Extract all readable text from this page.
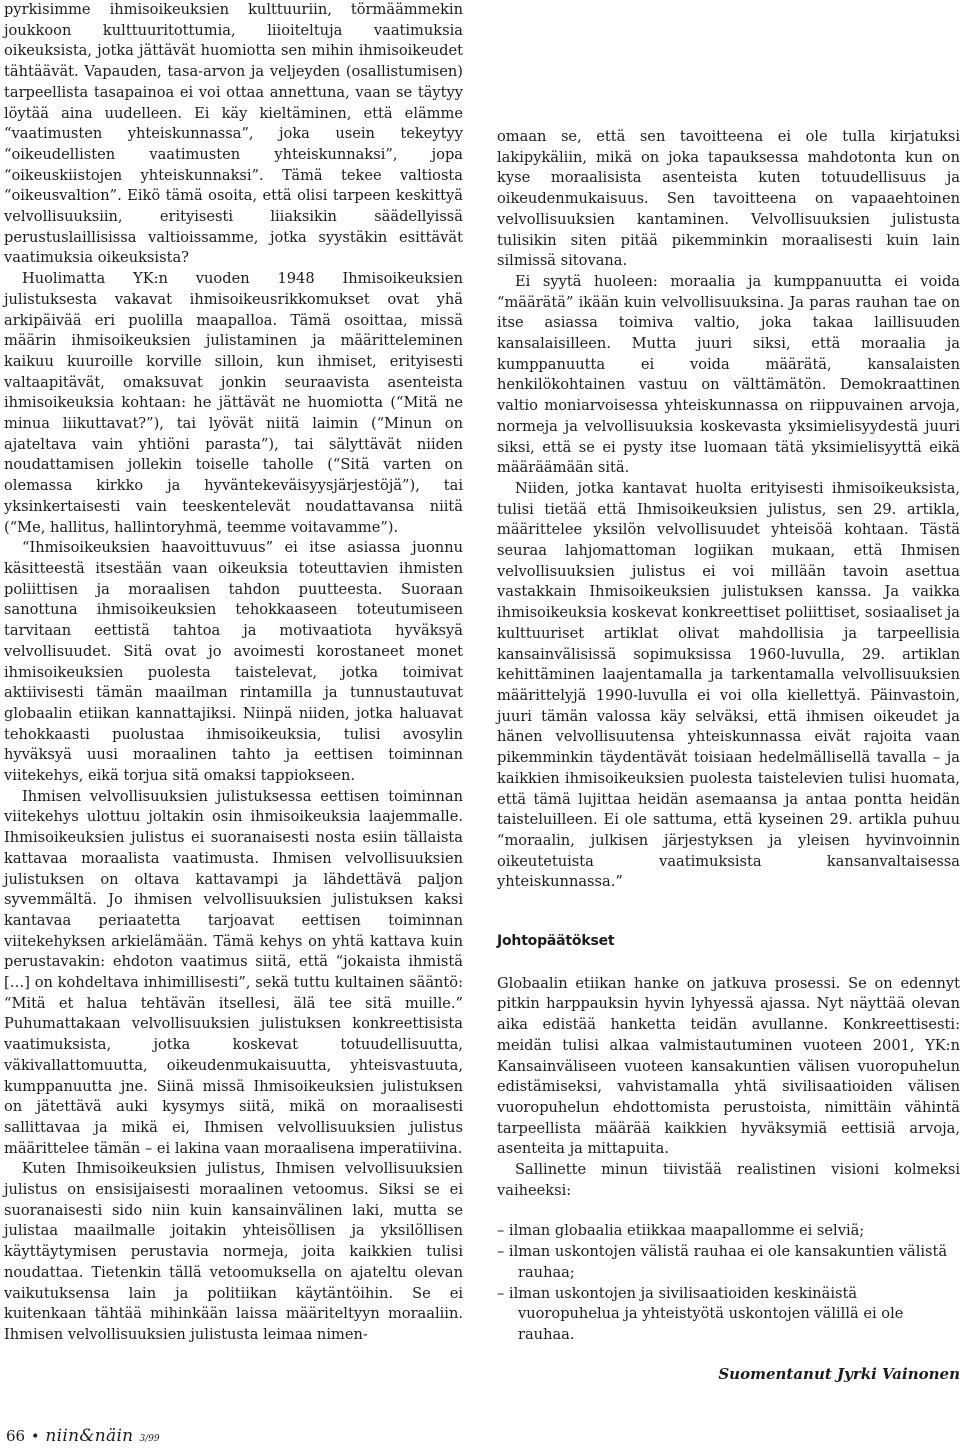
pyrkisimme ihmisoikeuksien kulttuuriin, törmäämmekin joukkoon kulttuuritottumia, liioiteltuja vaatimuksia oikeuksista, jotka jättävät huomiotta sen mihin ihmisoikeudet tähtäävät. Vapauden, tasa-arvon ja veljeyden (osallistumisen) tarpeellista tasapainoa ei voi ottaa annettuna, vaan se täytyy löytää aina uudelleen. Ei käy kieltäminen, että elämme “vaatimusten yhteiskunnassa”, joka usein tekeytyy “oikeudellisten vaatimusten yhteiskunnaksi”, jopa “oikeuskiistojen yhteiskunnaksi”. Tämä tekee valtiosta “oikeusvaltion”. Eikö tämä osoita, että olisi tarpeen keskittyä velvollisuuksiin, erityisesti liiaksikin säädellyissä perustuslaillisissa valtioissamme, jotka syystäkin esittävät vaatimuksia oikeuksista?

Huolimatta YK:n vuoden 1948 Ihmisoikeuksien julistuksesta vakavat ihmisoikeusrikkomukset ovat yhä arkipäivää eri puolilla maapalloa. Tämä osoittaa, missä määrin ihmisoikeuksien julistaminen ja määritteleminen kaikuu kuuroille korville silloin, kun ihmiset, erityisesti valtaapitävät, omaksuvat jonkin seuraavista asenteista ihmisoikeuksia kohtaan: he jättävät ne huomiotta (“Mitä ne minua liikuttavat?”), tai lyövät niitä laimin (“Minun on ajateltava vain yhtiöni parasta”), tai sälyttävät niiden noudattamisen jollekin toiselle taholle (“Sitä varten on olemassa kirkko ja hyväntekeväisyysjärjestöjä”), tai yksinkertaisesti vain teeskentelevät noudattavansa niitä (“Me, hallitus, hallintoryhmä, teemme voitavamme”).

“Ihmisoikeuksien haavoittuvuus” ei itse asiassa juonnu käsitteestä itsestään vaan oikeuksia toteuttavien ihmisten poliittisen ja moraalisen tahdon puutteesta. Suoraan sanottuna ihmisoikeuksien tehokkaaseen toteutumiseen tarvitaan eettistä tahtoa ja motivaatiota hyväksyä velvollisuudet. Sitä ovat jo avoimesti korostaneet monet ihmisoikeuksien puolesta taistelevat, jotka toimivat aktiivisesti tämän maailman rintamilla ja tunnustautuvat globaalin etiikan kannattajiksi. Niinpä niiden, jotka haluavat tehokkaasti puolustaa ihmisoikeuksia, tulisi avosylin hyväksyä uusi moraalinen tahto ja eettisen toiminnan viitekehys, eikä torjua sitä omaksi tappiokseen.

Ihmisen velvollisuuksien julistuksessa eettisen toiminnan viitekehys ulottuu joltakin osin ihmisoikeuksia laajemmalle. Ihmisoikeuksien julistus ei suoranaisesti nosta esiin tällaista kattavaa moraalista vaatimusta. Ihmisen velvollisuuksien julistuksen on oltava kattavampi ja lähdettävä paljon syvemmältä. Jo ihmisen velvollisuuksien julistuksen kaksi kantavaa periaatetta tarjoavat eettisen toiminnan viitekehyksen arkielämään. Tämä kehys on yhtä kattava kuin perustavakin: ehdoton vaatimus siitä, että “jokaista ihmistä […] on kohdeltava inhimillisesti”, sekä tuttu kultainen sääntö: “Mitä et halua tehtävän itsellesi, älä tee sitä muille.” Puhumattakaan velvollisuuksien julistuksen konkreettisista vaatimuksista, jotka koskevat totuudellisuutta, väkivallattomuutta, oikeudenmukaisuutta, yhteisvastuuta, kumppanuutta jne. Siinä missä Ihmisoikeuksien julistuksen on jätettävä auki kysymys siitä, mikä on moraalisesti sallittavaa ja mikä ei, Ihmisen velvollisuuksien julistus määrittelee tämän – ei lakina vaan moraalisena imperatiivina.

Kuten Ihmisoikeuksien julistus, Ihmisen velvollisuuksien julistus on ensisijaisesti moraalinen vetoomus. Siksi se ei suoranaisesti sido niin kuin kansainvälinen laki, mutta se julistaa maailmalle joitakin yhteisöllisen ja yksilöllisen käyttäytymisen perustavia normeja, joita kaikkien tulisi noudattaa. Tietenkin tällä vetoomuksella on ajateltu olevan vaikutuksensa lain ja politiikan käytäntöihin. Se ei kuitenkaan tähtää mihinkään laissa määriteltyyn moraaliin. Ihmisen velvollisuuksien julistusta leimaa nimen-

omaan se, että sen tavoitteena ei ole tulla kirjatuksi lakipykäliin, mikä on joka tapauksessa mahdotonta kun on kyse moraalisista asenteista kuten totuudellisuus ja oikeudenmukaisuus. Sen tavoitteena on vapaaehtoinen velvollisuuksien kantaminen. Velvollisuuksien julistusta tulisikin siten pitää pikemminkin moraalisesti kuin lain silmissä sitovana.

Ei syytä huoleen: moraalia ja kumppanuutta ei voida “määrätä” ikään kuin velvollisuuksina. Ja paras rauhan tae on itse asiassa toimiva valtio, joka takaa laillisuuden kansalaisilleen. Mutta juuri siksi, että moraalia ja kumppanuutta ei voida määrätä, kansalaisten henkilökohtainen vastuu on välttämätön. Demokraattinen valtio moniarvoisessa yhteiskunnassa on riippuvainen arvoja, normeja ja velvollisuuksia koskevasta yksimielisyydestä juuri siksi, että se ei pysty itse luomaan tätä yksimielisyyttä eikä määräämään sitä.

Niiden, jotka kantavat huolta erityisesti ihmisoikeuksista, tulisi tietää että Ihmisoikeuksien julistus, sen 29. artikla, määrittelee yksilön velvollisuudet yhteisöä kohtaan. Tästä seuraa lahjomattoman logiikan mukaan, että Ihmisen velvollisuuksien julistus ei voi millään tavoin asettua vastakkain Ihmisoikeuksien julistuksen kanssa. Ja vaikka ihmisoikeuksia koskevat konkreettiset poliittiset, sosiaaliset ja kulttuuriset artiklat olivat mahdollisia ja tarpeellisia kansainvälisissä sopimuksissa 1960-luvulla, 29. artiklan kehittäminen laajentamalla ja tarkentamalla velvollisuuksien määrittelyjä 1990-luvulla ei voi olla kiellettyä. Päinvastoin, juuri tämän valossa käy selväksi, että ihmisen oikeudet ja hänen velvollisuutensa yhteiskunnassa eivät rajoita vaan pikemminkin täydentävät toisiaan hedelmällisellä tavalla – ja kaikkien ihmisoikeuksien puolesta taistelevien tulisi huomata, että tämä lujittaa heidän asemaansa ja antaa pontta heidän taisteluilleen. Ei ole sattuma, että kyseinen 29. artikla puhuu “moraalin, julkisen järjestyksen ja yleisen hyvinvoinnin oikeutetuista vaatimuksista kansanvaltaisessa yhteiskunnassa.”

Johtopäätökset

Globaalin etiikan hanke on jatkuva prosessi. Se on edennyt pitkin harppauksin hyvin lyhyessä ajassa. Nyt näyttää olevan aika edistää hanketta teidän avullanne. Konkreettisesti: meidän tulisi alkaa valmistautuminen vuoteen 2001, YK:n Kansainväliseen vuoteen kansakuntien välisen vuoropuhelun edistämiseksi, vahvistamalla yhtä sivilisaatioiden välisen vuoropuhelun ehdottomista perustoista, nimittäin vähintä tarpeellista määrää kaikkien hyväksymiä eettisiä arvoja, asenteita ja mittapuita.

Sallinette minun tiivistää realistinen visioni kolmeksi vaiheeksi:

– ilman globaalia etiikkaa maapallomme ei selviä;
– ilman uskontojen välistä rauhaa ei ole kansakuntien välistä rauhaa;
– ilman uskontojen ja sivilisaatioiden keskinäistä vuoropuhelua ja yhteistyötä uskontojen välillä ei ole rauhaa.
Suomentanut Jyrki Vainonen
66 • niin&näin 3/99
